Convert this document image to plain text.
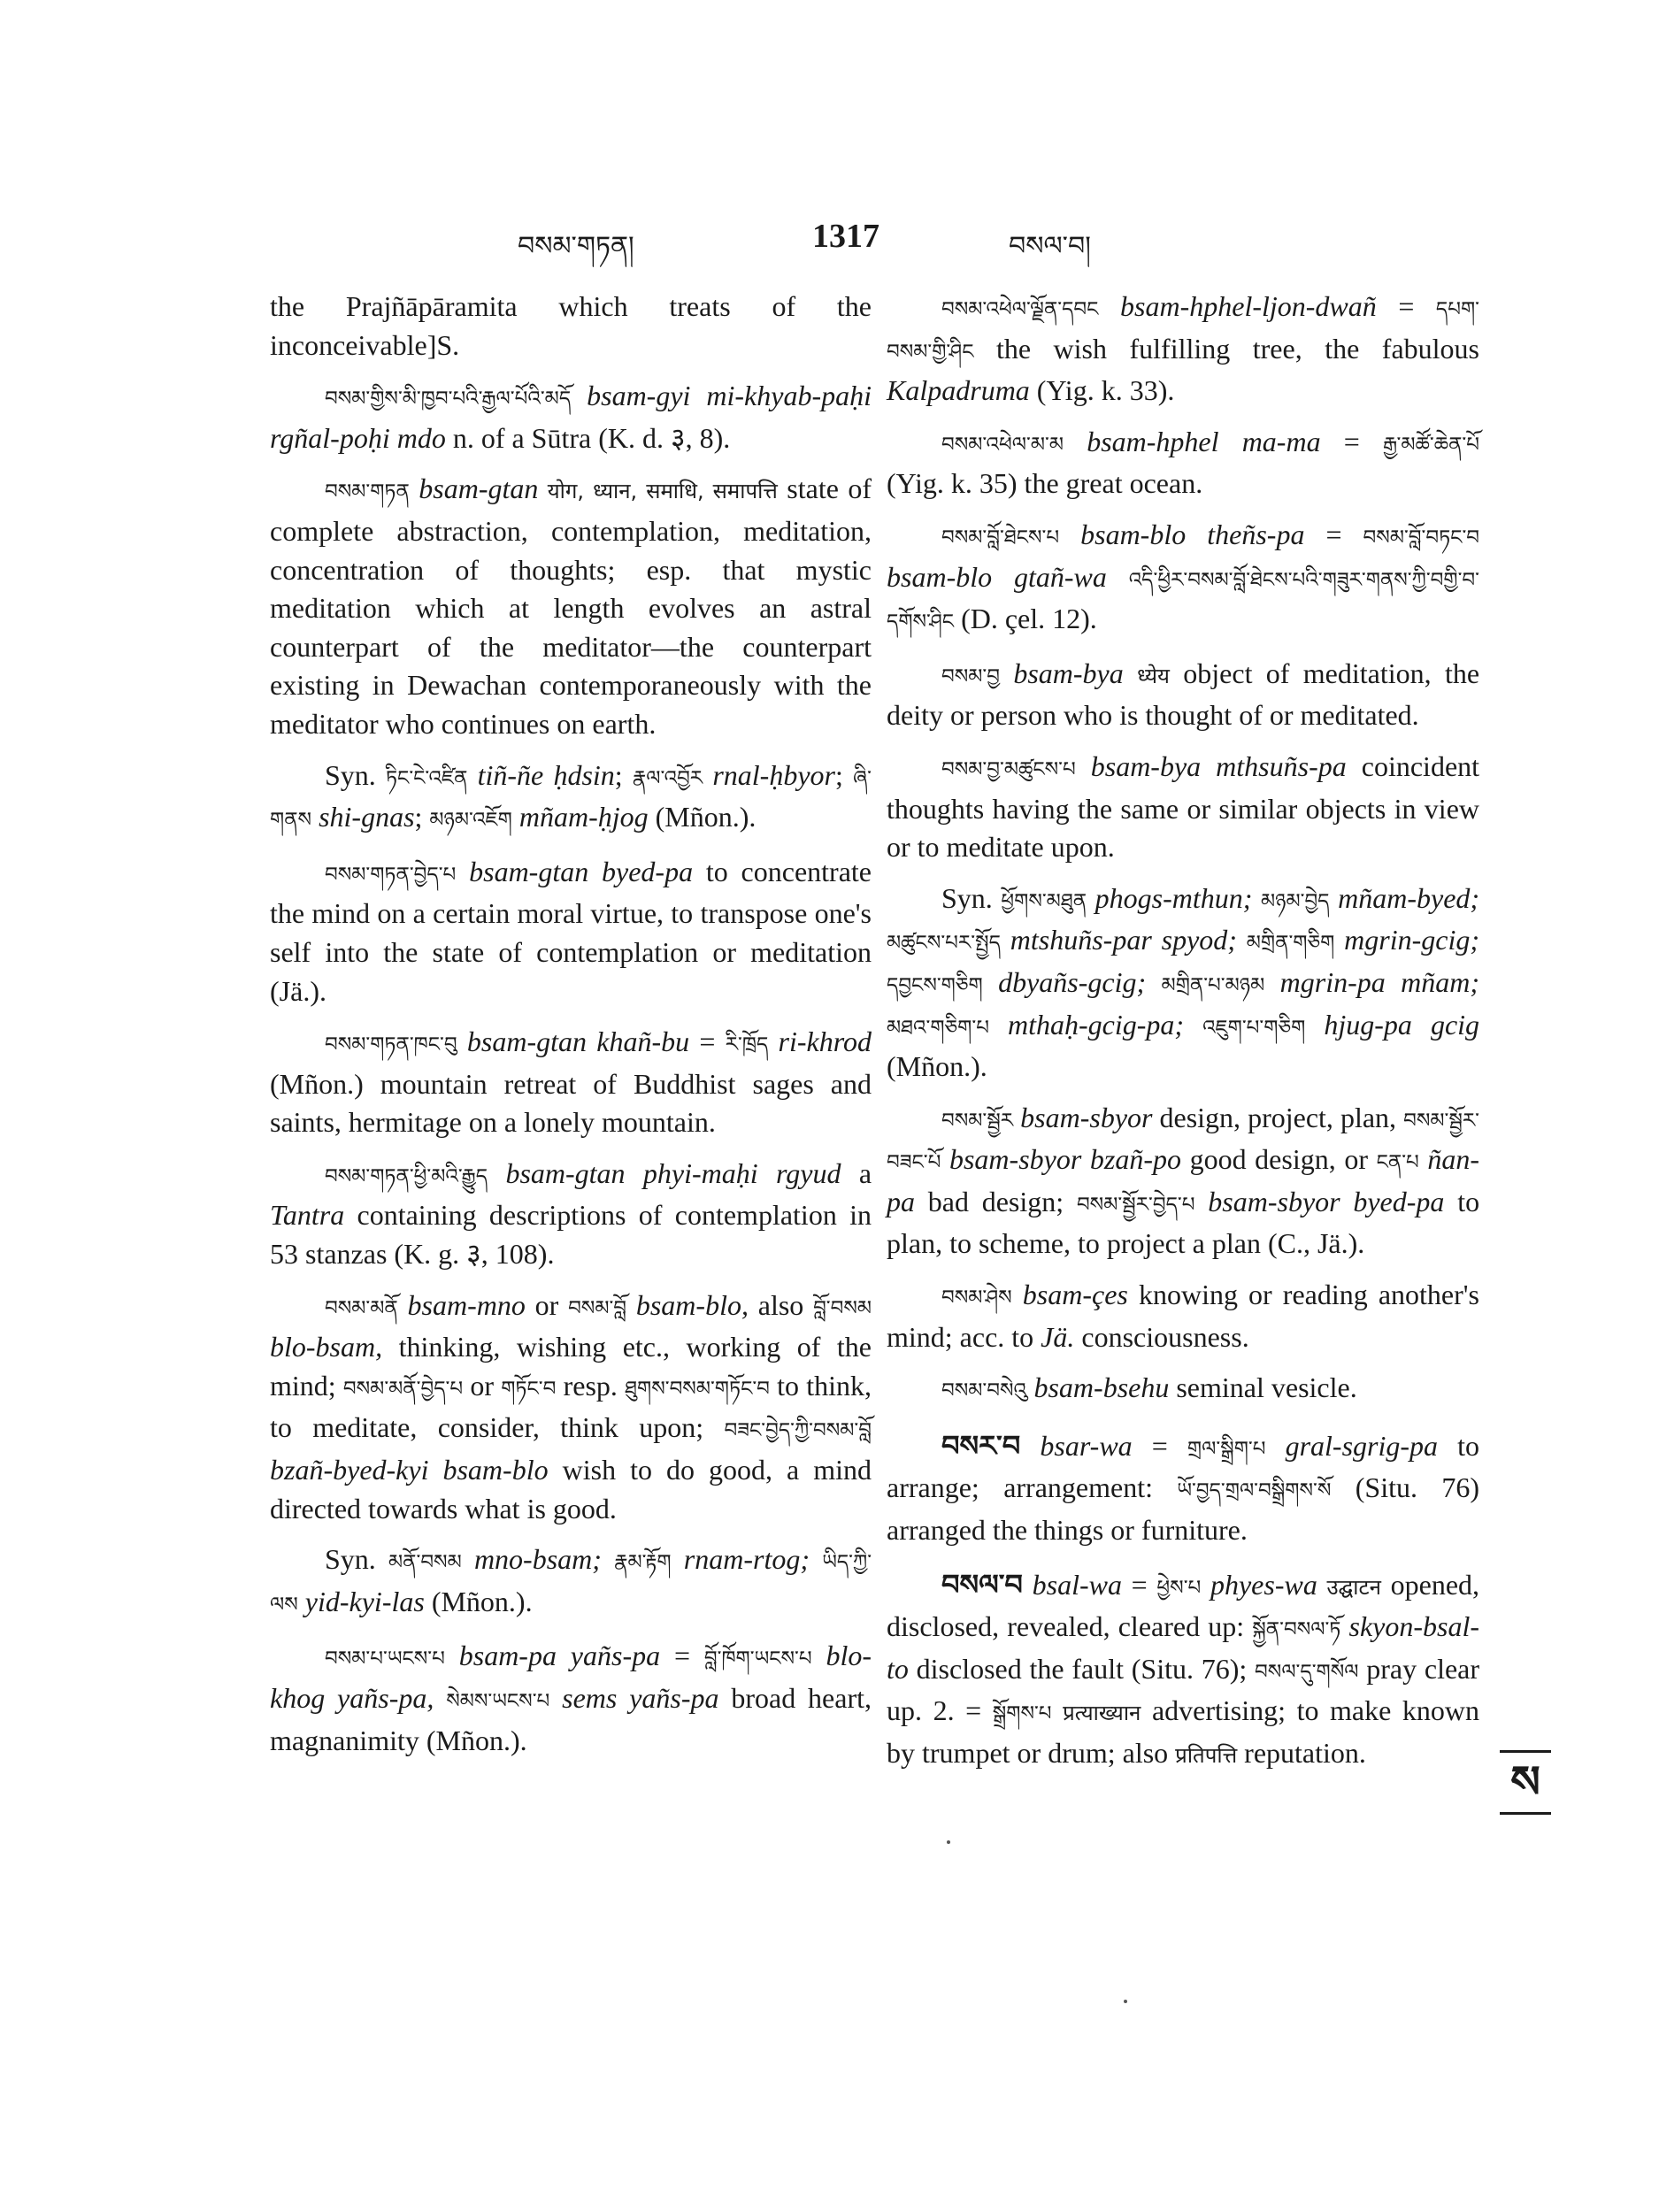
བསམ་གཏན།	1317	བསལ་བ།

the Prajñāpāramita which treats of the inconceivable]S.

བསམ་གྱིས་མི་ཁྱབ་པའི་རྒྱལ་པོའི་མདོ bsam-gyi mi-khyab-paḥi rgñal-poḥi mdo n. of a Sūtra (K. d. ३, 8).

བསམ་གཏན bsam-gtan योग, ध्यान, समाधि, समापत्ति state of complete abstraction, contemplation, meditation, concentration of thoughts; esp. that mystic meditation which at length evolves an astral counterpart of the meditator—the counterpart existing in Dewachan contemporaneously with the meditator who continues on earth.

Syn. ཏིང་ངེ་འཛིན tiñ-ñe ḥdsin; རྣལ་འབྱོར rnal-ḥbyor; ཞི་གནས shi-gnas; མཉམ་འཇོག mñam-ḥjog (Mñon.).

བསམ་གཏན་བྱེད་པ bsam-gtan byed-pa to concentrate the mind on a certain moral virtue, to transpose one's self into the state of contemplation or meditation (Jä.).

བསམ་གཏན་ཁང་བུ bsam-gtan khañ-bu = རི་ཁྲོད ri-khrod (Mñon.) mountain retreat of Buddhist sages and saints, hermitage on a lonely mountain.

བསམ་གཏན་ཕྱི་མའི་རྒྱུད bsam-gtan phyi-maḥi rgyud a Tantra containing descriptions of contemplation in 53 stanzas (K. g. ३, 108).

བསམ་མནོ bsam-mno or བསམ་བློ bsam-blo, also བློ་བསམ blo-bsam, thinking, wishing etc., working of the mind; བསམ་མནོ་བྱེད་པ or གཏོང་བ resp. ཐུགས་བསམ་གཏོང་བ to think, to meditate, consider, think upon; བཟང་བྱེད་ཀྱི་བསམ་བློ bzañ-byed-kyi bsam-blo wish to do good, a mind directed towards what is good.

Syn. མནོ་བསམ mno-bsam; རྣམ་རྟོག rnam-rtog; ཡིད་ཀྱི་ལས yid-kyi-las (Mñon.).

བསམ་པ་ཡངས་པ bsam-pa yañs-pa = བློ་ཁོག་ཡངས་པ blo-khog yañs-pa, སེམས་ཡངས་པ sems yañs-pa broad heart, magnanimity (Mñon.).

བསམ་འཕེལ་ལྗོན་དབང bsam-hphel-ljon-dwañ = དཔག་བསམ་གྱི་ཤིང the wish fulfilling tree, the fabulous Kalpadruma (Yig. k. 33).

བསམ་འཕེལ་མ་མ bsam-hphel ma-ma = རྒྱ་མཚོ་ཆེན་པོ (Yig. k. 35) the great ocean.

བསམ་བློ་ཐེངས་པ bsam-blo theñs-pa = བསམ་བློ་བཏང་བ bsam-blo gtañ-wa འདི་ཕྱིར་བསམ་བློ་ཐེངས་པའི་གཟུར་གནས་ཀྱི་བགྱི་བ་དགོས་ཤིང (D. çel. 12).

བསམ་བྱ bsam-bya ध्येय object of meditation, the deity or person who is thought of or meditated.

བསམ་བྱ་མཚུངས་པ bsam-bya mthsuñs-pa coincident thoughts having the same or similar objects in view or to meditate upon.

Syn. ཕྱོགས་མཐུན phogs-mthun; མཉམ་བྱེད mñam-byed; མཚུངས་པར་སྤྱོད mtshuñs-par spyod; མགྲིན་གཅིག mgrin-gcig; དབྱངས་གཅིག dbyañs-gcig; མགྲིན་པ་མཉམ mgrin-pa mñam; མཐའ་གཅིག་པ mthaḥ-gcig-pa; འཇུག་པ་གཅིག hjug-pa gcig (Mñon.).

བསམ་སྦྱོར bsam-sbyor design, project, plan, བསམ་སྦྱོར་བཟང་པོ bsam-sbyor bzañ-po good design, or ངན་པ ñan-pa bad design; བསམ་སྦྱོར་བྱེད་པ bsam-sbyor byed-pa to plan, to scheme, to project a plan (C., Jä.).

བསམ་ཤེས bsam-çes knowing or reading another's mind; acc. to Jä. consciousness.

བསམ་བསེའུ bsam-bsehu seminal vesicle.

བསར་བ bsar-wa = གྲལ་སྒྲིག་པ gral-sgrig-pa to arrange; arrangement: ཡོ་བྱད་གྲལ་བསྒྲིགས་སོ (Situ. 76) arranged the things or furniture.

བསལ་བ bsal-wa = ཕྱེས་པ phyes-wa उद्घाटन opened, disclosed, revealed, cleared up: སྐྱོན་བསལ་ཏོ skyon-bsal-to disclosed the fault (Situ. 76); བསལ་དུ་གསོལ pray clear up. 2. = སྒྲོགས་པ प्रत्याख्यान advertising; to make known by trumpet or drum; also प्रतिपत्ति reputation.

ས
